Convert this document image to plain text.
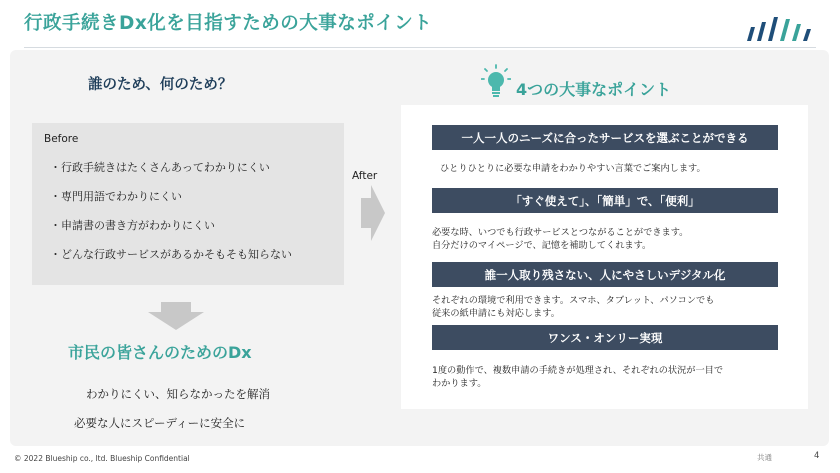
行政手続きDx化を目指すための大事なポイント
誰のため、何のため？
Before
・行政手続きはたくさんあってわかりにくい
・専門用語でわかりにくい
・申請書の書き方がわかりにくい
・どんな行政サービスがあるかそもそも知らない
After
市民の皆さんのためのDx
わかりにくい、知らなかったを解消
必要な人にスピーディーに安全に
4つの大事なポイント
一人一人のニーズに合ったサービスを選ぶことができる
ひとりひとりに必要な申請をわかりやすい言葉でご案内します。
「すぐ使えて」、「簡単」で、「便利」
必要な時、いつでも行政サービスとつながることができます。
自分だけのマイページで、記憶を補助してくれます。
誰一人取り残さない、人にやさしいデジタル化
それぞれの環境で利用できます。スマホ、タブレット、パソコンでも
従来の紙申請にも対応します。
ワンス・オンリー実現
1度の動作で、複数申請の手続きが処理され、それぞれの状況が一目で
わかります。
© 2022 Blueship co., ltd. Blueship Confidential	共通	4
